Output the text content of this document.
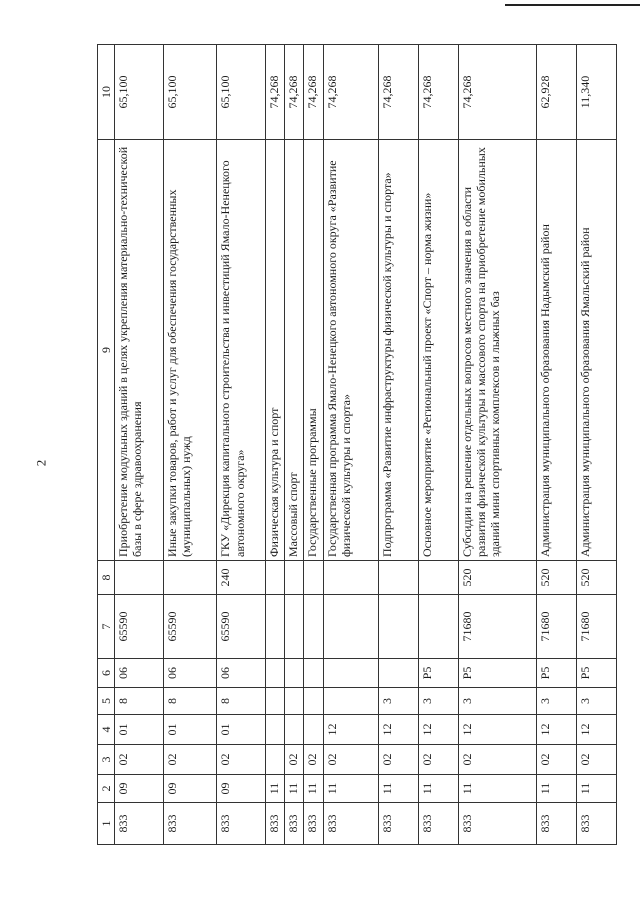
2
1	2	3	4	5	6	7	8	9	10
833	09	02	01	8	06	65590		Приобретение модульных зданий в целях укрепления материально-технической базы в сфере здравоохранения	65,100
833	09	02	01	8	06	65590		Иные закупки товаров, работ и услуг для обеспечения государственных (муниципальных) нужд	65,100
833	09	02	01	8	06	65590	240	ГКУ «Дирекция капитального строительства и инвестиций Ямало-Ненецкого автономного округа»	65,100
833	11							Физическая культура и спорт	74,268
833	11	02						Массовый спорт	74,268
833	11	02						Государственные программы	74,268
833	11	02	12					Государственная программа Ямало-Ненецкого автономного округа «Развитие физической культуры и спорта»	74,268
833	11	02	12	3				Подпрограмма «Развитие инфраструктуры физической культуры и спорта»	74,268
833	11	02	12	3	P5			Основное мероприятие «Региональный проект «Спорт – норма жизни»	74,268
833	11	02	12	3	P5	71680	520	Субсидии на решение отдельных вопросов местного значения в области развития физической культуры и массового спорта на приобретение мобильных зданий мини спортивных комплексов и лыжных баз	74,268
833	11	02	12	3	P5	71680	520	Администрация муниципального образования Надымский район	62,928
833	11	02	12	3	P5	71680	520	Администрация муниципального образования Ямальский район	11,340
